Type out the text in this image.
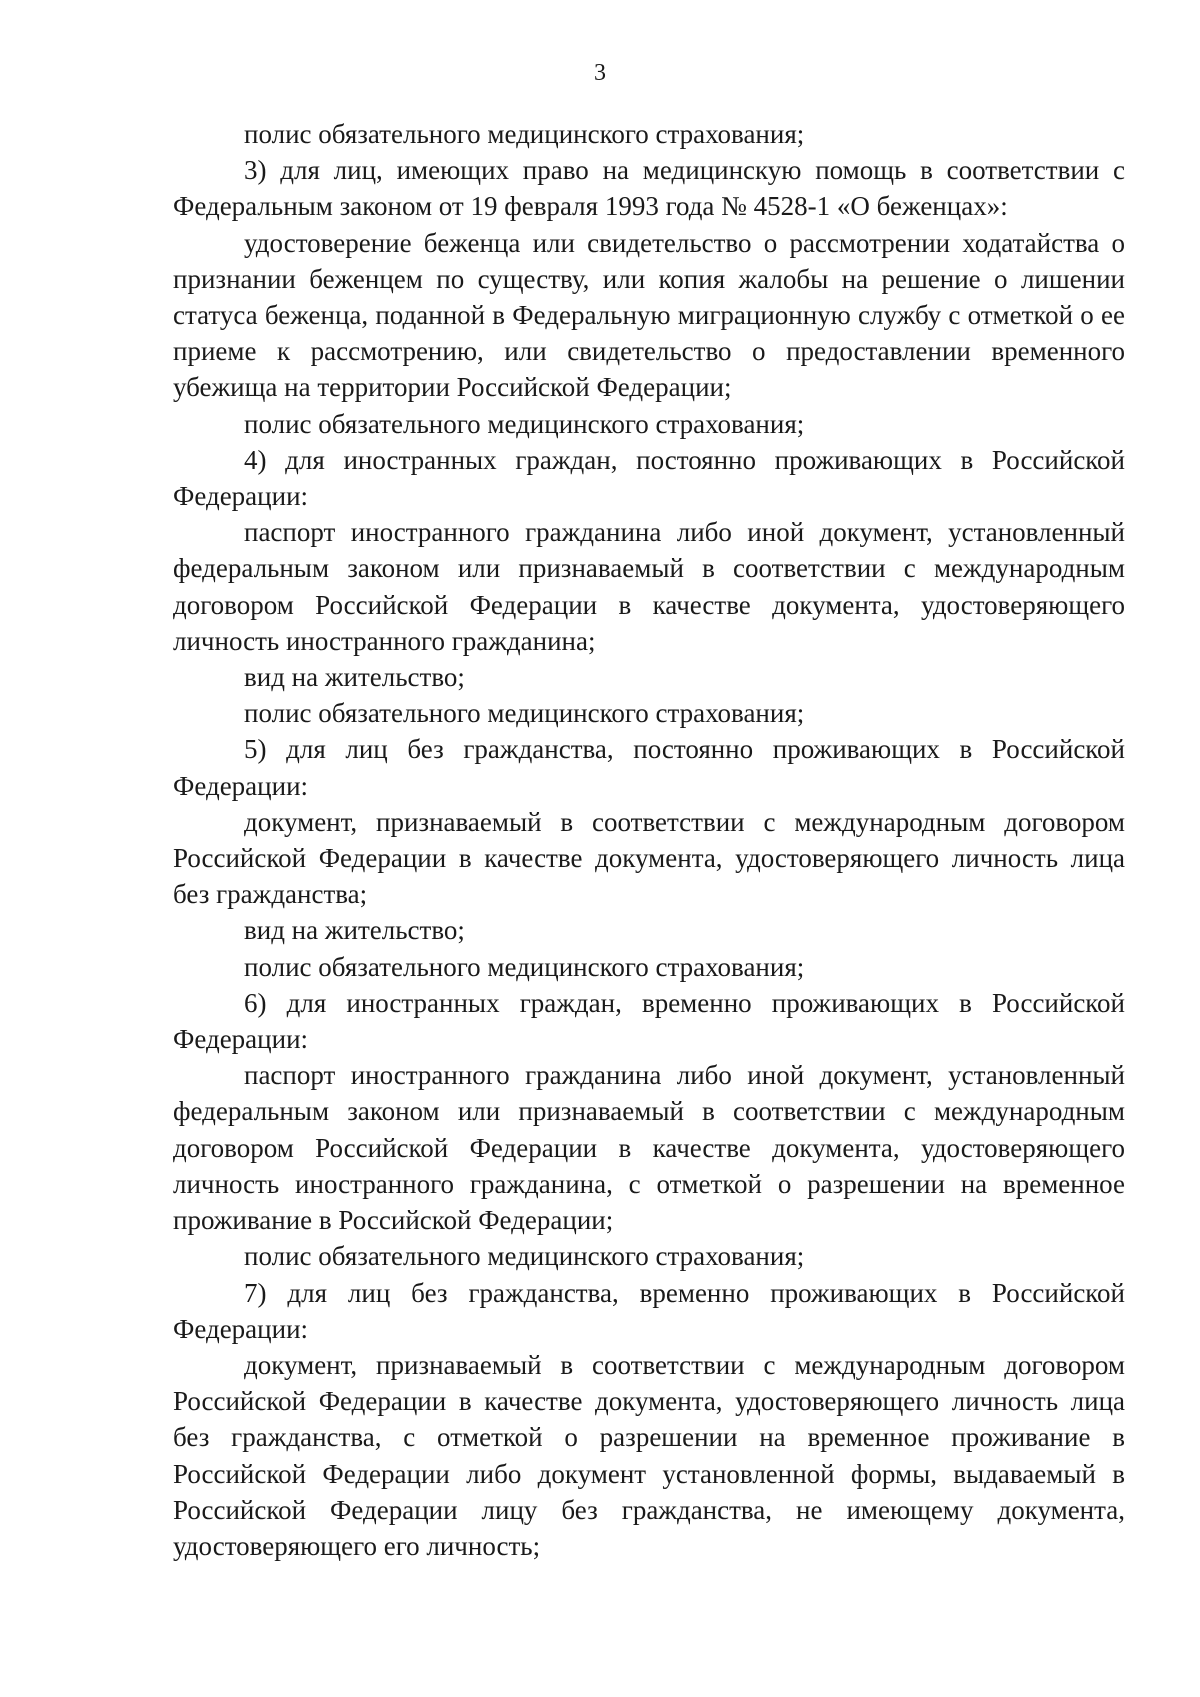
3

полис обязательного медицинского страхования;

3) для лиц, имеющих право на медицинскую помощь в соответствии с Федеральным законом от 19 февраля 1993 года № 4528-1 «О беженцах»:

удостоверение беженца или свидетельство о рассмотрении ходатайства о признании беженцем по существу, или копия жалобы на решение о лишении статуса беженца, поданной в Федеральную миграционную службу с отметкой о ее приеме к рассмотрению, или свидетельство о предоставлении временного убежища на территории Российской Федерации;

полис обязательного медицинского страхования;

4) для иностранных граждан, постоянно проживающих в Российской Федерации:

паспорт иностранного гражданина либо иной документ, установленный федеральным законом или признаваемый в соответствии с международным договором Российской Федерации в качестве документа, удостоверяющего личность иностранного гражданина;

вид на жительство;

полис обязательного медицинского страхования;

5) для лиц без гражданства, постоянно проживающих в Российской Федерации:

документ, признаваемый в соответствии с международным договором Российской Федерации в качестве документа, удостоверяющего личность лица без гражданства;

вид на жительство;

полис обязательного медицинского страхования;

6) для иностранных граждан, временно проживающих в Российской Федерации:

паспорт иностранного гражданина либо иной документ, установленный федеральным законом или признаваемый в соответствии с международным договором Российской Федерации в качестве документа, удостоверяющего личность иностранного гражданина, с отметкой о разрешении на временное проживание в Российской Федерации;

полис обязательного медицинского страхования;

7) для лиц без гражданства, временно проживающих в Российской Федерации:

документ, признаваемый в соответствии с международным договором Российской Федерации в качестве документа, удостоверяющего личность лица без гражданства, с отметкой о разрешении на временное проживание в Российской Федерации либо документ установленной формы, выдаваемый в Российской Федерации лицу без гражданства, не имеющему документа, удостоверяющего его личность;
